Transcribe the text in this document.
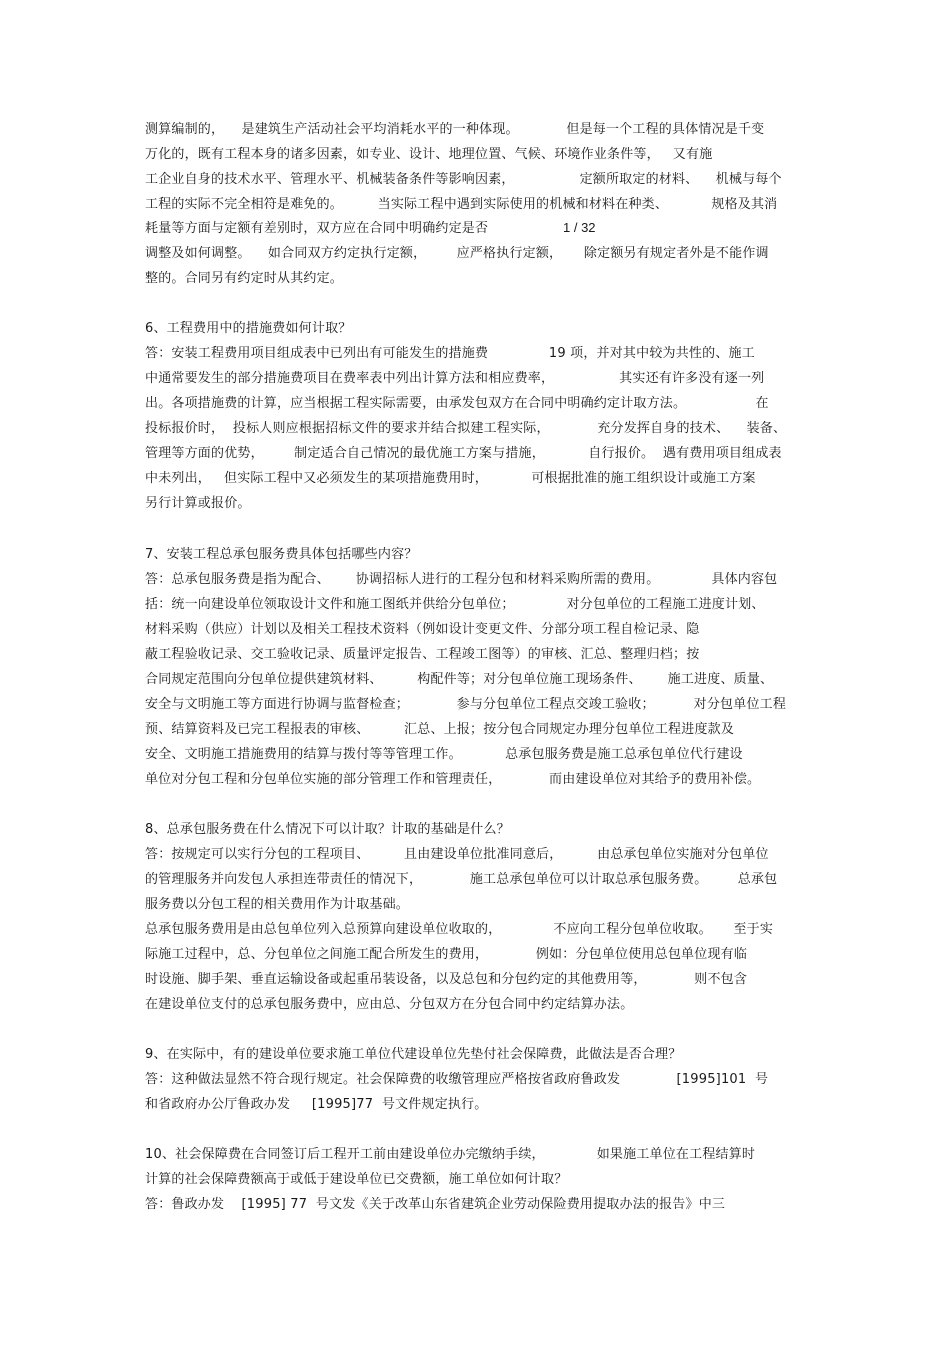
测算编制的，    是建筑生产活动社会平均消耗水平的一种体现。           但是每一个工程的具体情况是千变
万化的，既有工程本身的诸多因素，如专业、设计、地理位置、气候、环境作业条件等，   又有施
工企业自身的技术水平、管理水平、机械装备条件等影响因素，               定额所取定的材料、    机械与每个
工程的实际不完全相符是难免的。        当实际工程中遇到实际使用的机械和材料在种类、          规格及其消
耗量等方面与定额有差别时，双方应在合同中明确约定是否	1 / 32
调整及如何调整。    如合同双方约定执行定额，       应严格执行定额，     除定额另有规定者外是不能作调
整的。合同另有约定时从其约定。
6、工程费用中的措施费如何计取？
答：安装工程费用项目组成表中已列出有可能发生的措施费              19 项，并对其中较为共性的、施工
中通常要发生的部分措施费项目在费率表中列出计算方法和相应费率，               其实还有许多没有逐一列
出。各项措施费的计算，应当根据工程实际需要，由承发包双方在合同中明确约定计取方法。                在
投标报价时，  投标人则应根据招标文件的要求并结合拟建工程实际，           充分发挥自身的技术、    装备、
管理等方面的优势，       制定适合自己情况的最优施工方案与措施，          自行报价。  遇有费用项目组成表
中未列出，   但实际工程中又必须发生的某项措施费用时，          可根据批准的施工组织设计或施工方案
另行计算或报价。
7、安装工程总承包服务费具体包括哪些内容？
答：总承包服务费是指为配合、      协调招标人进行的工程分包和材料采购所需的费用。            具体内容包
括：统一向建设单位领取设计文件和施工图纸并供给分包单位；            对分包单位的工程施工进度计划、
材料采购（供应）计划以及相关工程技术资料（例如设计变更文件、分部分项工程自检记录、隐
蔽工程验收记录、交工验收记录、质量评定报告、工程竣工图等）的审核、汇总、整理归档；按
合同规定范围向分包单位提供建筑材料、        构配件等；对分包单位施工现场条件、      施工进度、质量、
安全与文明施工等方面进行协调与监督检查；           参与分包单位工程点交竣工验收；         对分包单位工程
预、结算资料及已完工程报表的审核、        汇总、上报；按分包合同规定办理分包单位工程进度款及
安全、文明施工措施费用的结算与拨付等等管理工作。          总承包服务费是施工总承包单位代行建设
单位对分包工程和分包单位实施的部分管理工作和管理责任，           而由建设单位对其给予的费用补偿。
8、总承包服务费在什么情况下可以计取？计取的基础是什么？
答：按规定可以实行分包的工程项目、        且由建设单位批准同意后，        由总承包单位实施对分包单位
的管理服务并向发包人承担连带责任的情况下，           施工总承包单位可以计取总承包服务费。       总承包
服务费以分包工程的相关费用作为计取基础。
总承包服务费用是由总包单位列入总预算向建设单位收取的，            不应向工程分包单位收取。     至于实
际施工过程中，总、分包单位之间施工配合所发生的费用，           例如：分包单位使用总包单位现有临
时设施、脚手架、垂直运输设备或起重吊装设备，以及总包和分包约定的其他费用等，           则不包含
在建设单位支付的总承包服务费中，应由总、分包双方在分包合同中约定结算办法。
9、在实际中，有的建设单位要求施工单位代建设单位先垫付社会保障费，此做法是否合理？
答：这种做法显然不符合现行规定。社会保障费的收缴管理应严格按省政府鲁政发             [1995]101  号
和省政府办公厅鲁政办发     [1995]77  号文件规定执行。
10、社会保障费在合同签订后工程开工前由建设单位办完缴纳手续，            如果施工单位在工程结算时
计算的社会保障费额高于或低于建设单位已交费额，施工单位如何计取？
答：鲁政办发    [1995] 77  号文发《关于改革山东省建筑企业劳动保险费用提取办法的报告》中三
